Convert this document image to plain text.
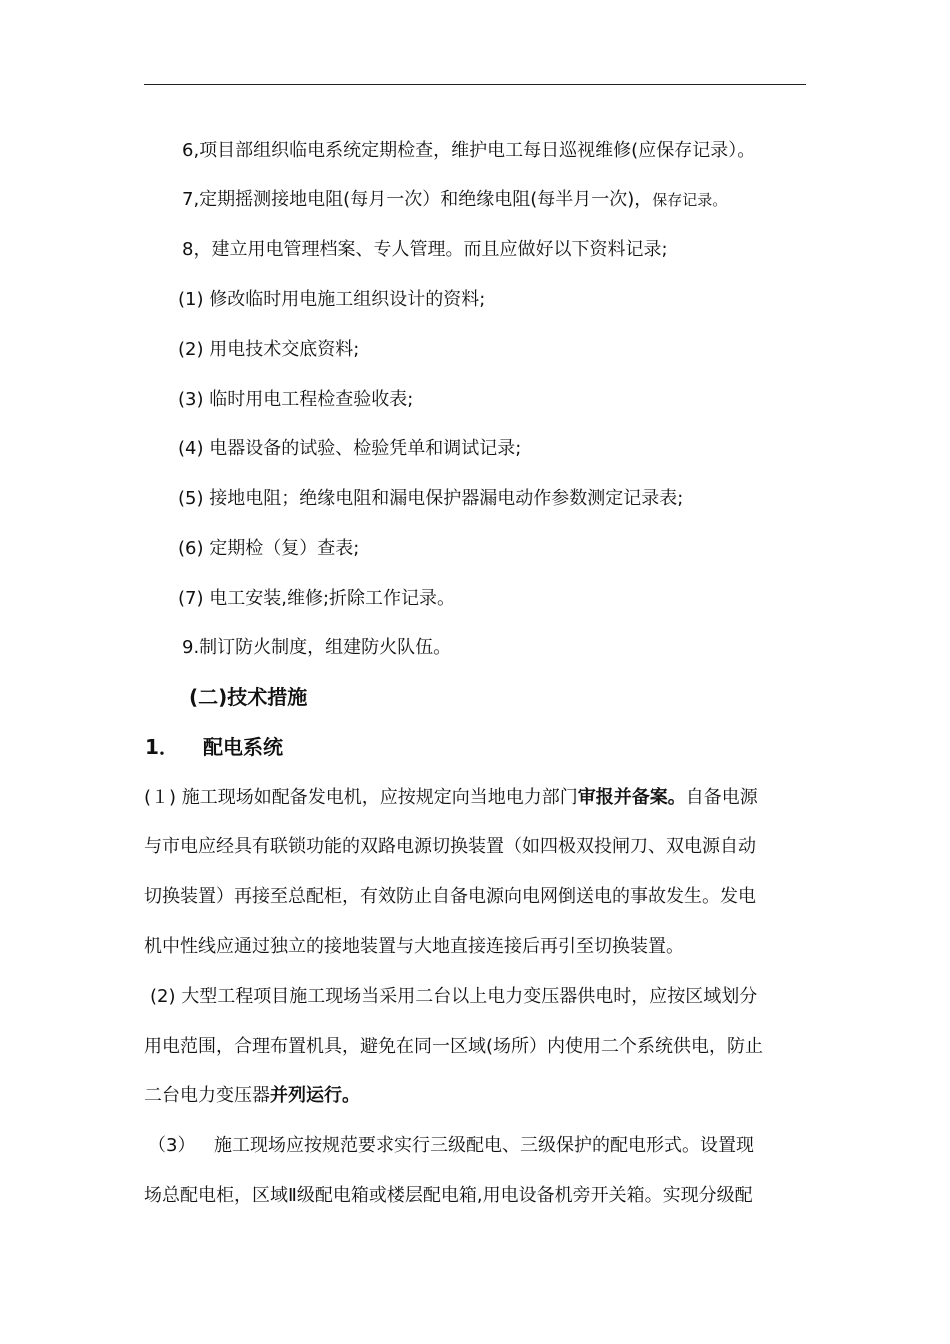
6,项目部组织临电系统定期检查，维护电工每日巡视维修(应保存记录）。
7,定期摇测接地电阻(每月一次）和绝缘电阻(每半月一次)，保存记录。
8，建立用电管理档案、专人管理。而且应做好以下资料记录;
(1) 修改临时用电施工组织设计的资料;
(2) 用电技术交底资料;
(3) 临时用电工程检查验收表;
(4) 电器设备的试验、检验凭单和调试记录;
(5) 接地电阻；绝缘电阻和漏电保护器漏电动作参数测定记录表;
(6) 定期检（复）查表;
(7) 电工安装,维修;折除工作记录。
9.制订防火制度，组建防火队伍。
(二)技术措施
1． 配电系统
(１) 施工现场如配备发电机，应按规定向当地电力部门审报并备案。自备电源
与市电应经具有联锁功能的双路电源切换装置（如四极双投闸刀、双电源自动
切换装置）再接至总配柜，有效防止自备电源向电网倒送电的事故发生。发电
机中性线应通过独立的接地装置与大地直接连接后再引至切换装置。
(2) 大型工程项目施工现场当采用二台以上电力变压器供电时，应按区域划分
用电范围，合理布置机具，避免在同一区域(场所）内使用二个系统供电，防止
二台电力变压器并列运行。
（3） 施工现场应按规范要求实行三级配电、三级保护的配电形式。设置现
场总配电柜，区域Ⅱ级配电箱或楼层配电箱,用电设备机旁开关箱。实现分级配
